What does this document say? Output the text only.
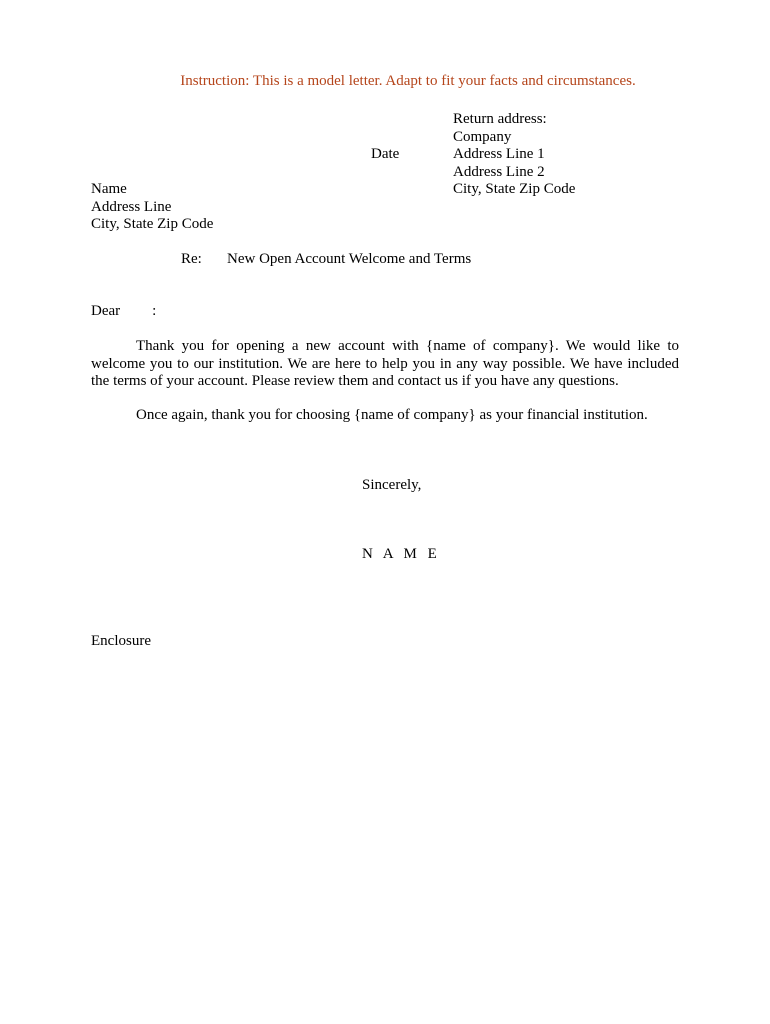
Instruction: This is a model letter. Adapt to fit your facts and circumstances.
Return address:
Company
Address Line 1
Address Line 2
City, State Zip Code
Date
Name
Address Line
City, State Zip Code
Re: New Open Account Welcome and Terms
Dear :
Thank you for opening a new account with {name of company}. We would like to welcome you to our institution. We are here to help you in any way possible. We have included the terms of your account. Please review them and contact us if you have any questions.
Once again, thank you for choosing {name of company} as your financial institution.
Sincerely,
N A M E
Enclosure
